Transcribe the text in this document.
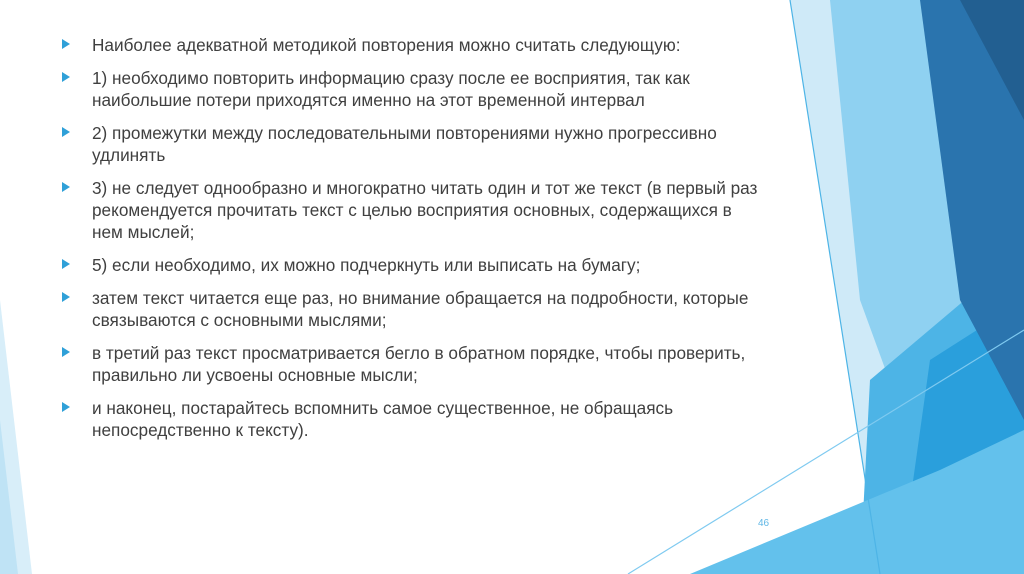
Наиболее адекватной методикой повторения можно считать следующую:
1) необходимо повторить информацию сразу после ее восприятия, так как наибольшие потери приходятся именно на этот временной интервал
2) промежутки между последовательными повторениями нужно прогрессивно удлинять
3) не следует однообразно и многократно читать один и тот же текст (в первый раз рекомендуется прочитать текст с целью восприятия основных, содержащихся в нем мыслей;
5) если необходимо, их можно подчеркнуть или выписать на бумагу;
затем текст читается еще раз, но внимание обращается на подробности, которые связываются с основными мыслями;
в третий раз текст просматривается бегло в обратном порядке, чтобы проверить, правильно ли усвоены основные мысли;
и наконец, постарайтесь вспомнить самое существенное, не обращаясь непосредственно к тексту).
46
